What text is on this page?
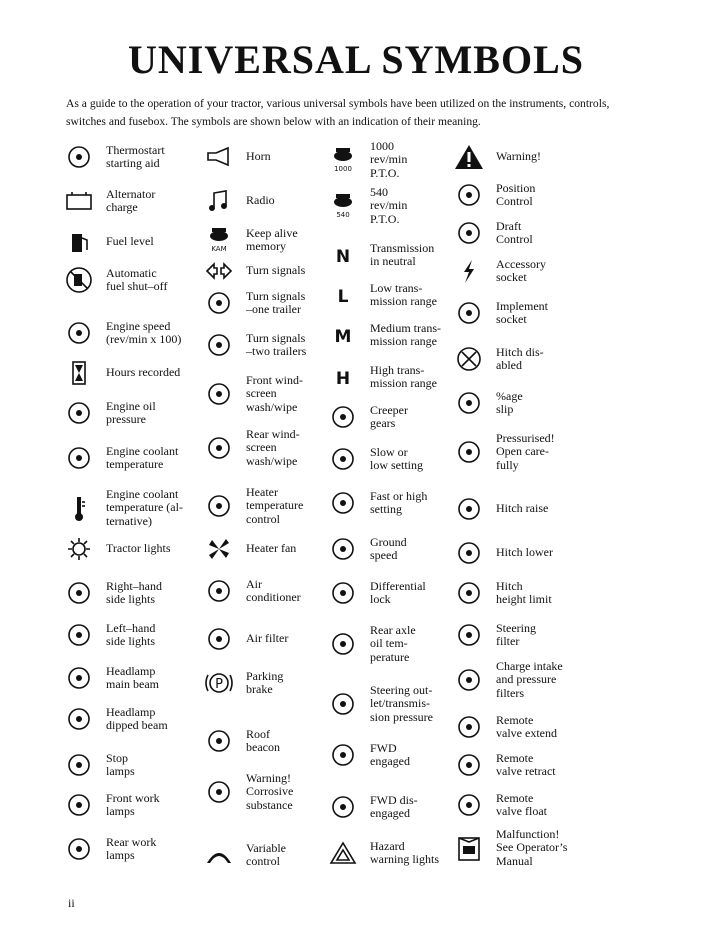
UNIVERSAL SYMBOLS
As a guide to the operation of your tractor, various universal symbols have been utilized on the instruments, controls, switches and fusebox. The symbols are shown below with an indication of their meaning.
Thermostart
starting aid
Alternator
charge
Fuel level
Automatic
fuel shut–off
Engine speed
(rev/min x 100)
Hours recorded
Engine oil
pressure
Engine coolant
temperature
Engine coolant
temperature (al-
ternative)
Tractor lights
Right–hand
side lights
Left–hand
side lights
Headlamp
main beam
Headlamp
dipped beam
Stop
lamps
Front work
lamps
Rear work
lamps
Horn
Radio
KAM
Keep alive
memory
Turn signals
Turn signals
–one trailer
Turn signals
–two trailers
Front wind-
screen
wash/wipe
Rear wind-
screen
wash/wipe
Heater
temperature
control
Heater fan
Air
conditioner
Air filter
P
Parking
brake
Roof
beacon
Warning!
Corrosive
substance
Variable
control
1000
1000
rev/min
P.T.O.
540
540
rev/min
P.T.O.
N Transmission
in neutral
L Low trans-
mission range
M Medium trans-
mission range
H High trans-
mission range
Creeper
gears
Slow or
low setting
Fast or high
setting
Ground
speed
Differential
lock
Rear axle
oil tem-
perature
Steering out-
let/transmis-
sion pressure
FWD
engaged
FWD dis-
engaged
Hazard
warning lights
Warning!
Position
Control
Draft
Control
Accessory
socket
Implement
socket
Hitch dis-
abled
%age
slip
Pressurised!
Open care-
fully
Hitch raise
Hitch lower
Hitch
height limit
Steering
filter
Charge intake
and pressure
filters
Remote
valve extend
Remote
valve retract
Remote
valve float
Malfunction!
See Operator’s
Manual
ii
